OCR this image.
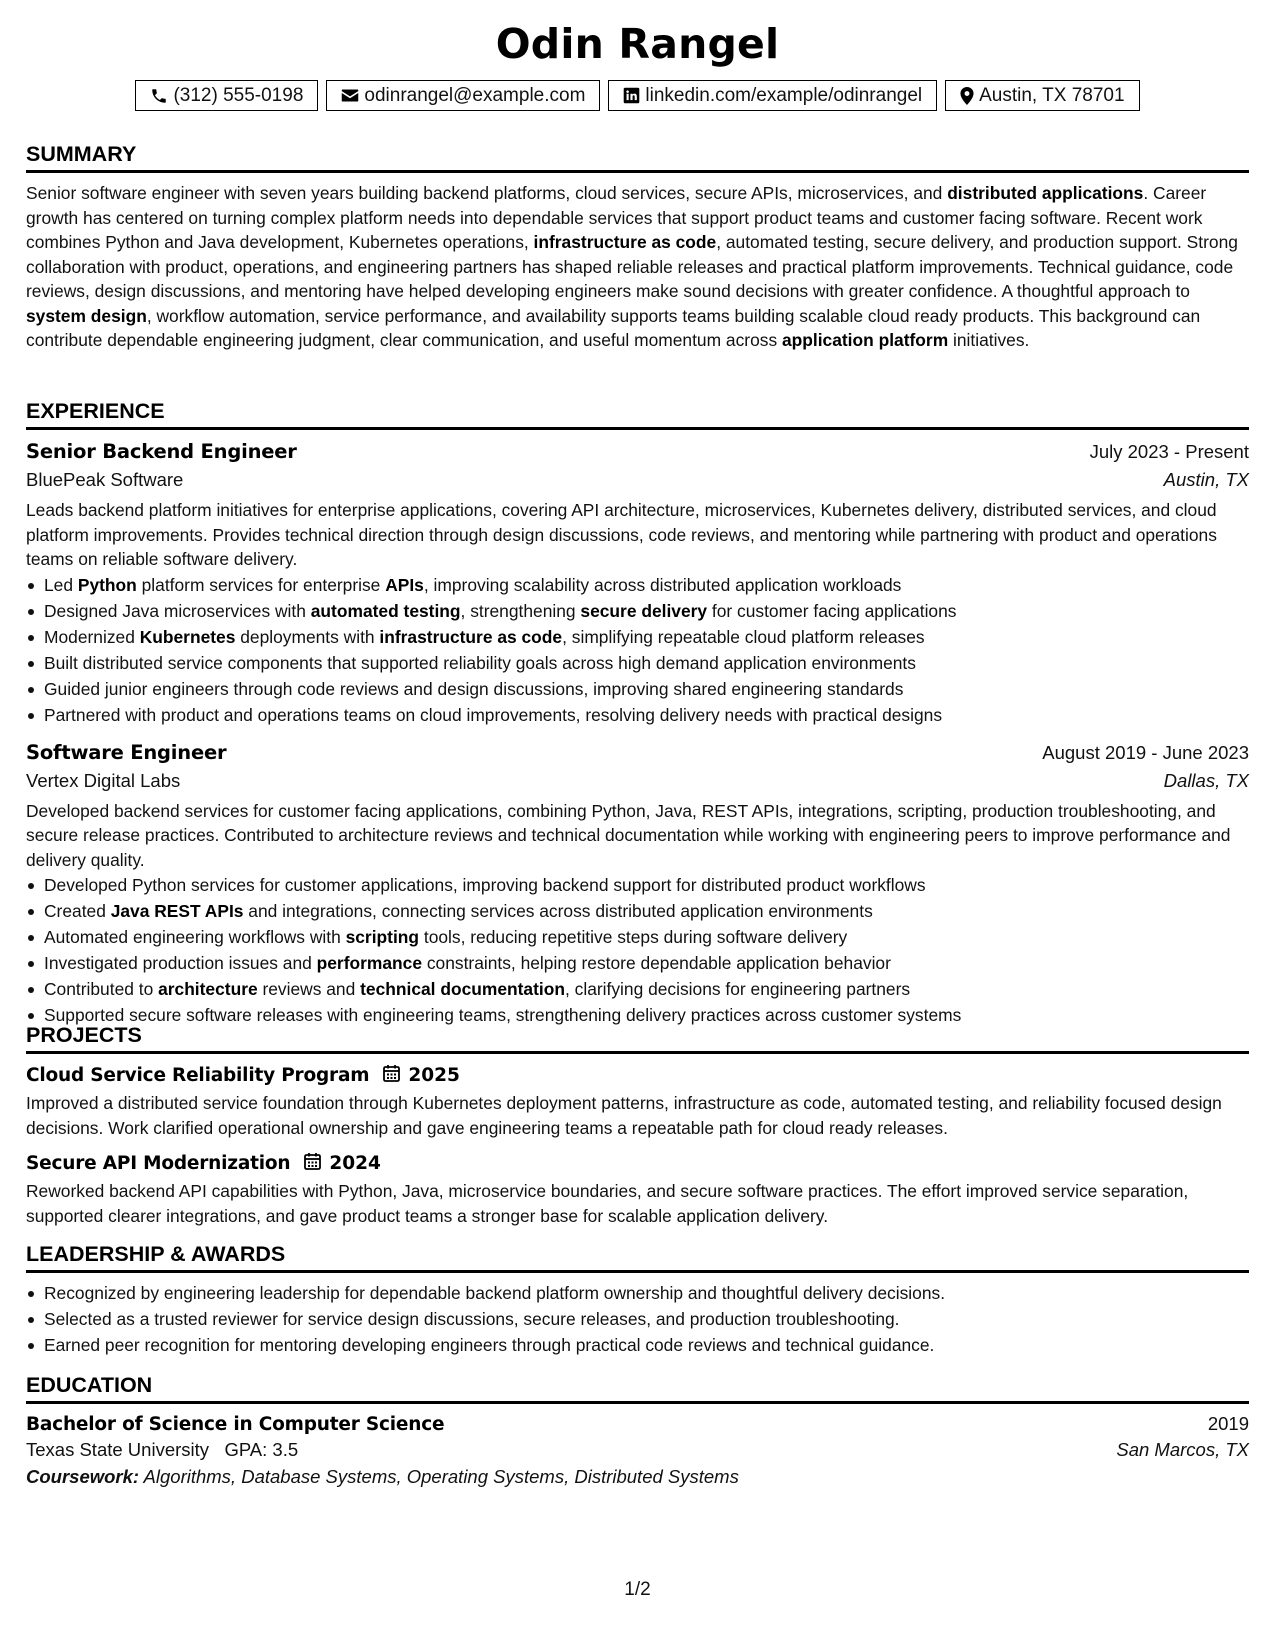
Odin Rangel
(312) 555-0198	odinrangel@example.com	linkedin.com/example/odinrangel	Austin, TX 78701
SUMMARY

Senior software engineer with seven years building backend platforms, cloud services, secure APIs, microservices, and distributed applications. Career growth has centered on turning complex platform needs into dependable services that support product teams and customer facing software. Recent work combines Python and Java development, Kubernetes operations, infrastructure as code, automated testing, secure delivery, and production support. Strong collaboration with product, operations, and engineering partners has shaped reliable releases and practical platform improvements. Technical guidance, code reviews, design discussions, and mentoring have helped developing engineers make sound decisions with greater confidence. A thoughtful approach to system design, workflow automation, service performance, and availability supports teams building scalable cloud ready products. This background can contribute dependable engineering judgment, clear communication, and useful momentum across application platform initiatives.

EXPERIENCE
Senior Backend Engineer	July 2023 - Present
BluePeak Software	Austin, TX

Leads backend platform initiatives for enterprise applications, covering API architecture, microservices, Kubernetes delivery, distributed services, and cloud platform improvements. Provides technical direction through design discussions, code reviews, and mentoring while partnering with product and operations teams on reliable software delivery.

Led Python platform services for enterprise APIs, improving scalability across distributed application workloads
Designed Java microservices with automated testing, strengthening secure delivery for customer facing applications
Modernized Kubernetes deployments with infrastructure as code, simplifying repeatable cloud platform releases
Built distributed service components that supported reliability goals across high demand application environments
Guided junior engineers through code reviews and design discussions, improving shared engineering standards
Partnered with product and operations teams on cloud improvements, resolving delivery needs with practical designs
Software Engineer	August 2019 - June 2023
Vertex Digital Labs	Dallas, TX

Developed backend services for customer facing applications, combining Python, Java, REST APIs, integrations, scripting, production troubleshooting, and secure release practices. Contributed to architecture reviews and technical documentation while working with engineering peers to improve performance and delivery quality.

Developed Python services for customer applications, improving backend support for distributed product workflows
Created Java REST APIs and integrations, connecting services across distributed application environments
Automated engineering workflows with scripting tools, reducing repetitive steps during software delivery
Investigated production issues and performance constraints, helping restore dependable application behavior
Contributed to architecture reviews and technical documentation, clarifying decisions for engineering partners
Supported secure software releases with engineering teams, strengthening delivery practices across customer systems
PROJECTS
Cloud Service Reliability Program 2025

Improved a distributed service foundation through Kubernetes deployment patterns, infrastructure as code, automated testing, and reliability focused design decisions. Work clarified operational ownership and gave engineering teams a repeatable path for cloud ready releases.

Secure API Modernization 2024

Reworked backend API capabilities with Python, Java, microservice boundaries, and secure software practices. The effort improved service separation, supported clearer integrations, and gave product teams a stronger base for scalable application delivery.

LEADERSHIP & AWARDS
Recognized by engineering leadership for dependable backend platform ownership and thoughtful delivery decisions.
Selected as a trusted reviewer for service design discussions, secure releases, and production troubleshooting.
Earned peer recognition for mentoring developing engineers through practical code reviews and technical guidance.
EDUCATION
Bachelor of Science in Computer Science	2019
Texas State University GPA: 3.5	San Marcos, TX
Coursework: Algorithms, Database Systems, Operating Systems, Distributed Systems
1/2
